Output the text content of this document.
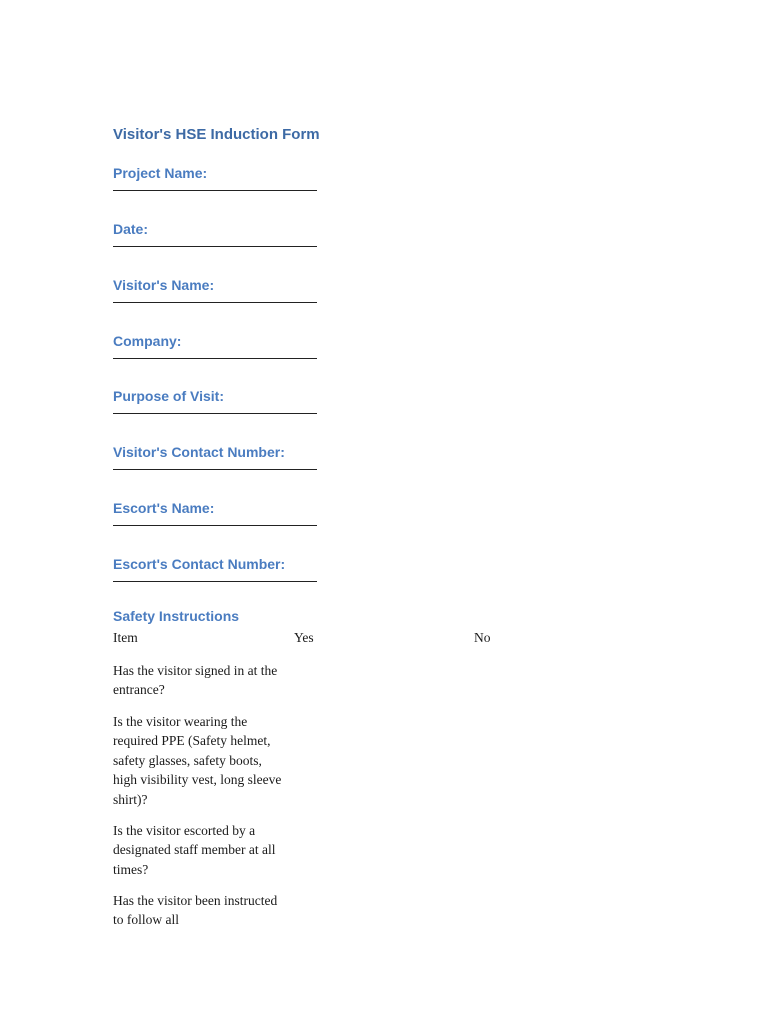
Visitor's HSE Induction Form
Project Name:
Date:
Visitor's Name:
Company:
Purpose of Visit:
Visitor's Contact Number:
Escort's Name:
Escort's Contact Number:
Safety Instructions
Item	Yes	No
Has the visitor signed in at the entrance?
Is the visitor wearing the required PPE (Safety helmet, safety glasses, safety boots, high visibility vest, long sleeve shirt)?
Is the visitor escorted by a designated staff member at all times?
Has the visitor been instructed to follow all
